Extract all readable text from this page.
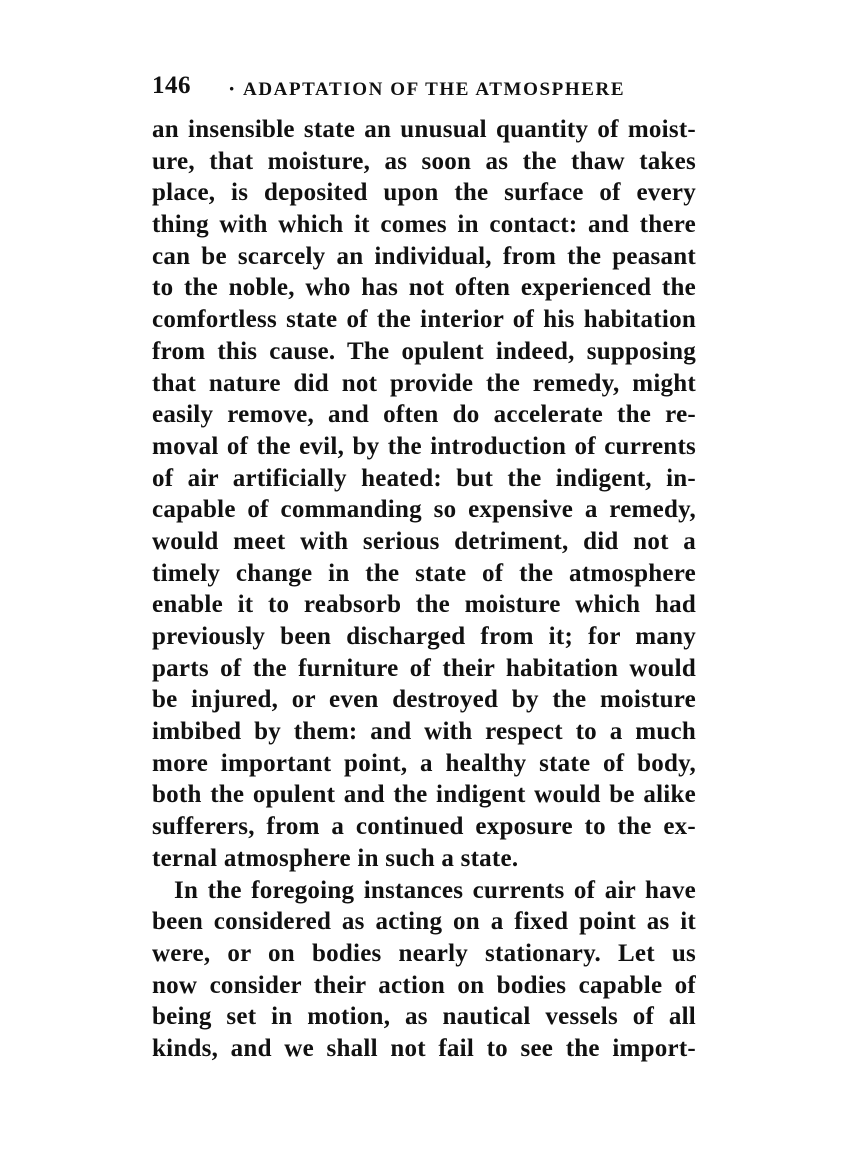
146 · ADAPTATION OF THE ATMOSPHERE
an insensible state an unusual quantity of moist-
ure, that moisture, as soon as the thaw takes
place, is deposited upon the surface of every
thing with which it comes in contact: and there
can be scarcely an individual, from the peasant
to the noble, who has not often experienced the
comfortless state of the interior of his habitation
from this cause. The opulent indeed, supposing
that nature did not provide the remedy, might
easily remove, and often do accelerate the re-
moval of the evil, by the introduction of currents
of air artificially heated: but the indigent, in-
capable of commanding so expensive a remedy,
would meet with serious detriment, did not a
timely change in the state of the atmosphere
enable it to reabsorb the moisture which had
previously been discharged from it; for many
parts of the furniture of their habitation would
be injured, or even destroyed by the moisture
imbibed by them: and with respect to a much
more important point, a healthy state of body,
both the opulent and the indigent would be alike
sufferers, from a continued exposure to the ex-
ternal atmosphere in such a state.
In the foregoing instances currents of air have
been considered as acting on a fixed point as it
were, or on bodies nearly stationary. Let us
now consider their action on bodies capable of
being set in motion, as nautical vessels of all
kinds, and we shall not fail to see the import-
